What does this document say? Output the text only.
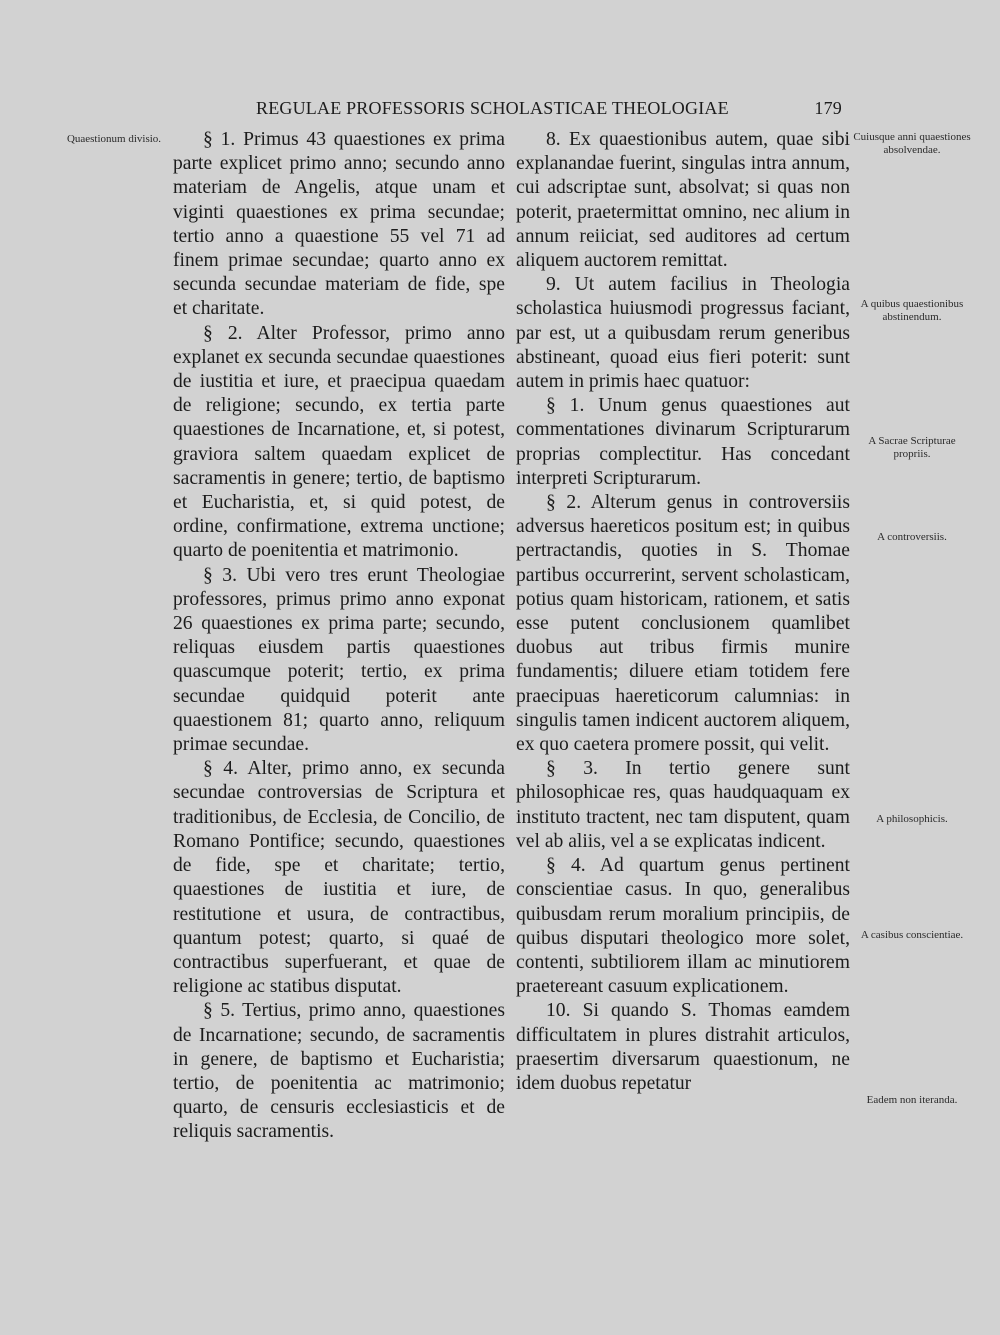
REGULAE PROFESSORIS SCHOLASTICAE THEOLOGIAE	179
Quaestionum divisio.	§ 1. Primus 43 quaestiones ex prima parte explicet primo anno; secundo anno materiam de Angelis, atque unam et viginti quaestiones ex prima secundae; tertio anno a quaestione 55 vel 71 ad finem primae secundae; quarto anno ex secunda secundae materiam de fide, spe et charitate.

§ 2. Alter Professor, primo anno explanet ex secunda secundae quaestiones de iustitia et iure, et praecipua quaedam de religione; secundo, ex tertia parte quaestiones de Incarnatione, et, si potest, graviora saltem quaedam explicet de sacramentis in genere; tertio, de baptismo et Eucharistia, et, si quid potest, de ordine, confirmatione, extrema unctione; quarto de poenitentia et matrimonio.

§ 3. Ubi vero tres erunt Theologiae professores, primus primo anno exponat 26 quaestiones ex prima parte; secundo, reliquas eiusdem partis quaestiones quascumque poterit; tertio, ex prima secundae quidquid poterit ante quaestionem 81; quarto anno, reliquum primae secundae.

§ 4. Alter, primo anno, ex secunda secundae controversias de Scriptura et traditionibus, de Ecclesia, de Concilio, de Romano Pontifice; secundo, quaestiones de fide, spe et charitate; tertio, quaestiones de iustitia et iure, de restitutione et usura, de contractibus, quantum potest; quarto, si quaé de contractibus superfuerant, et quae de religione ac statibus disputat.

§ 5. Tertius, primo anno, quaestiones de Incarnatione; secundo, de sacramentis in genere, de baptismo et Eucharistia; tertio, de poenitentia ac matrimonio; quarto, de censuris ecclesiasticis et de reliquis sacramentis.

8. Ex quaestionibus autem, quae sibi explanandae fuerint, singulas intra annum, cui adscriptae sunt, absolvat; si quas non poterit, praetermittat omnino, nec alium in annum reiiciat, sed auditores ad certum aliquem auctorem remittat.

9. Ut autem facilius in Theologia scholastica huiusmodi progressus faciant, par est, ut a quibusdam rerum generibus abstineant, quoad eius fieri poterit: sunt autem in primis haec quatuor:

§ 1. Unum genus quaestiones aut commentationes divinarum Scripturarum proprias complectitur. Has concedant interpreti Scripturarum.

§ 2. Alterum genus in controversiis adversus haereticos positum est; in quibus pertractandis, quoties in S. Thomae partibus occurrerint, servent scholasticam, potius quam historicam, rationem, et satis esse putent conclusionem quamlibet duobus aut tribus firmis munire fundamentis; diluere etiam totidem fere praecipuas haereticorum calumnias: in singulis tamen indicent auctorem aliquem, ex quo caetera promere possit, qui velit.

§ 3. In tertio genere sunt philosophicae res, quas haudquaquam ex instituto tractent, nec tam disputent, quam vel ab aliis, vel a se explicatas indicent.

§ 4. Ad quartum genus pertinent conscientiae casus. In quo, generalibus quibusdam rerum moralium principiis, de quibus disputari theologico more solet, contenti, subtiliorem illam ac minutiorem praetereant casuum explicationem.

10. Si quando S. Thomas eamdem difficultatem in plures distrahit articulos, praesertim diversarum quaestionum, ne idem duobus repetatur

Cuiusque anni quaestiones absolvendae.
A quibus quaestionibus abstinendum.
A Sacrae Scripturae propriis.
A controversiis.
A philosophicis.
A casibus conscientiae.
Eadem non iteranda.
